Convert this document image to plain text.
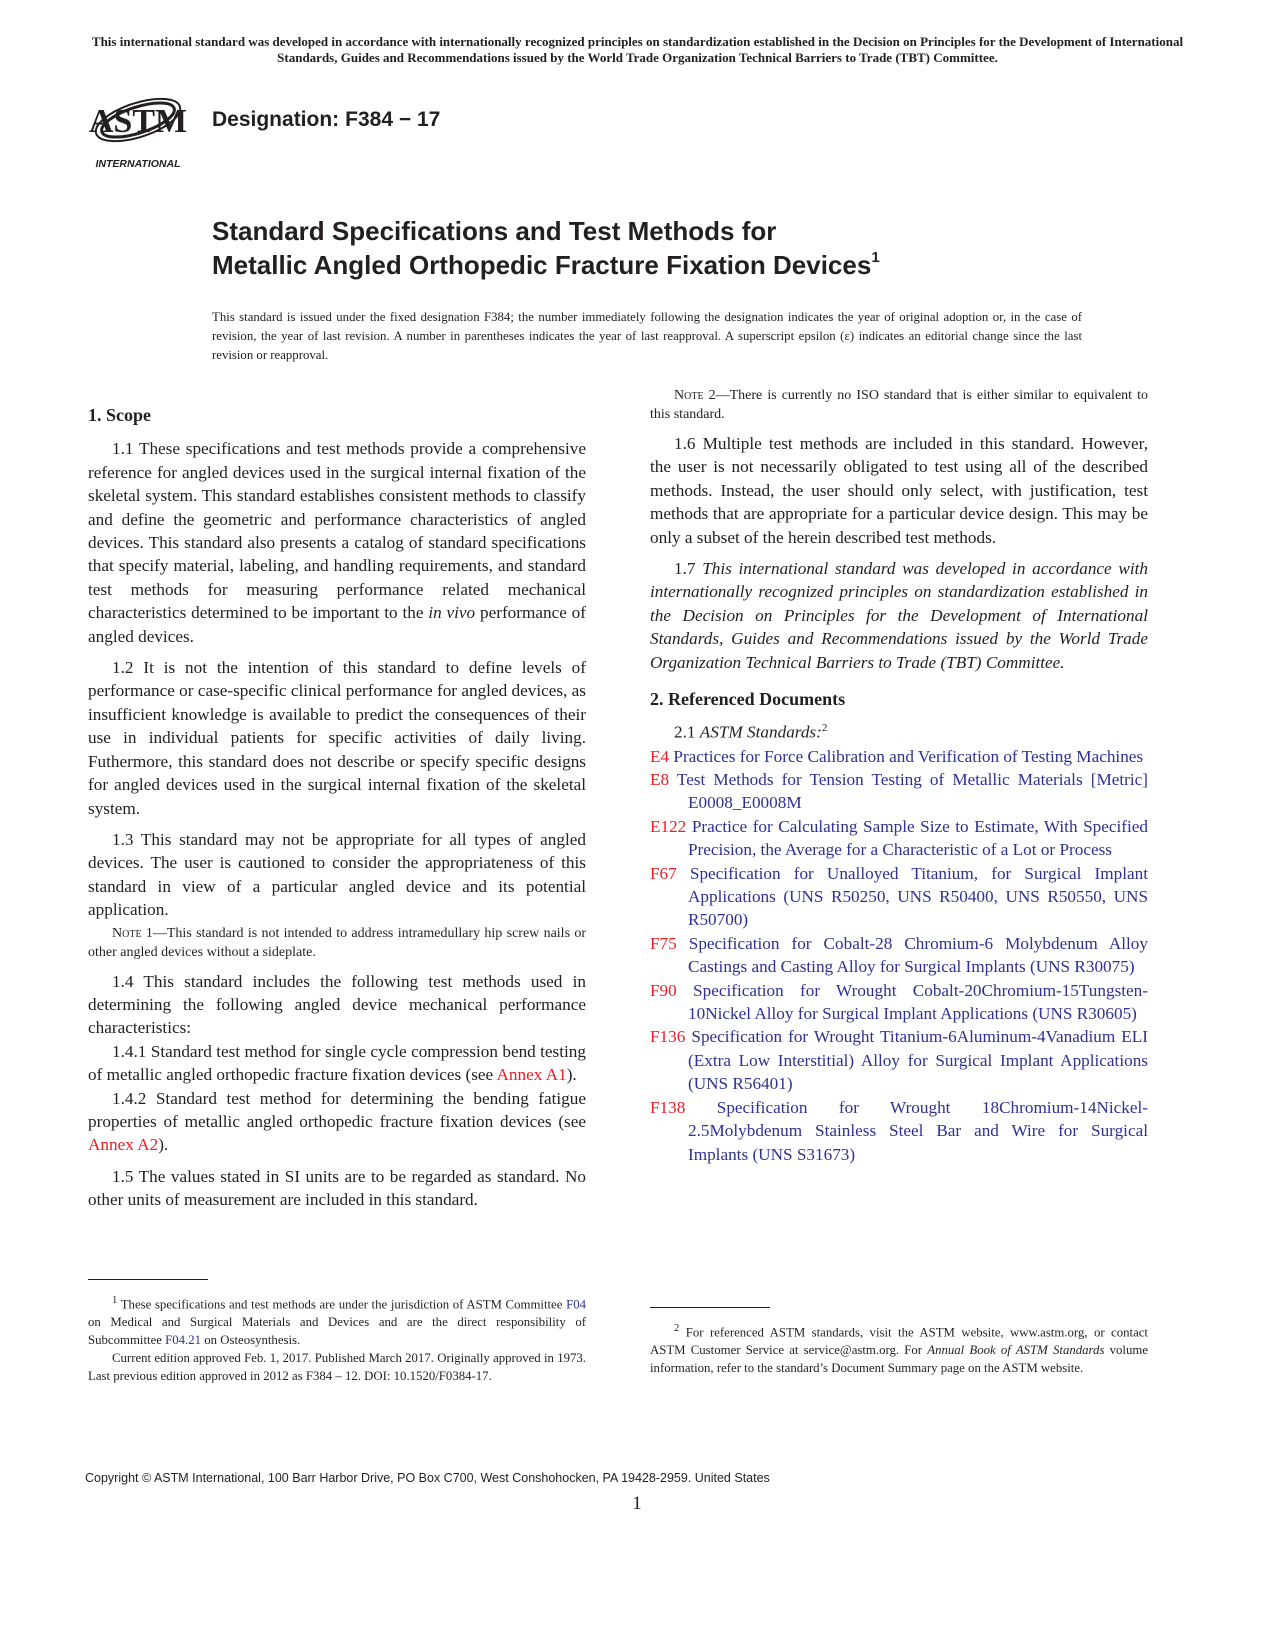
This international standard was developed in accordance with internationally recognized principles on standardization established in the Decision on Principles for the Development of International Standards, Guides and Recommendations issued by the World Trade Organization Technical Barriers to Trade (TBT) Committee.
ASTM
INTERNATIONAL
Designation: F384 − 17
Standard Specifications and Test Methods for
Metallic Angled Orthopedic Fracture Fixation Devices$^1$
This standard is issued under the fixed designation F384; the number immediately following the designation indicates the year of original adoption or, in the case of revision, the year of last revision. A number in parentheses indicates the year of last reapproval. A superscript epsilon (ε) indicates an editorial change since the last revision or reapproval.
1. Scope

1.1 These specifications and test methods provide a comprehensive reference for angled devices used in the surgical internal fixation of the skeletal system. This standard establishes consistent methods to classify and define the geometric and performance characteristics of angled devices. This standard also presents a catalog of standard specifications that specify material, labeling, and handling requirements, and standard test methods for measuring performance related mechanical characteristics determined to be important to the in vivo performance of angled devices.

1.2 It is not the intention of this standard to define levels of performance or case-specific clinical performance for angled devices, as insufficient knowledge is available to predict the consequences of their use in individual patients for specific activities of daily living. Futhermore, this standard does not describe or specify specific designs for angled devices used in the surgical internal fixation of the skeletal system.

1.3 This standard may not be appropriate for all types of angled devices. The user is cautioned to consider the appropriateness of this standard in view of a particular angled device and its potential application.

Note 1—This standard is not intended to address intramedullary hip screw nails or other angled devices without a sideplate.

1.4 This standard includes the following test methods used in determining the following angled device mechanical performance characteristics:

1.4.1 Standard test method for single cycle compression bend testing of metallic angled orthopedic fracture fixation devices (see Annex A1).

1.4.2 Standard test method for determining the bending fatigue properties of metallic angled orthopedic fracture fixation devices (see Annex A2).

1.5 The values stated in SI units are to be regarded as standard. No other units of measurement are included in this standard.

Note 2—There is currently no ISO standard that is either similar to equivalent to this standard.

1.6 Multiple test methods are included in this standard. However, the user is not necessarily obligated to test using all of the described methods. Instead, the user should only select, with justification, test methods that are appropriate for a particular device design. This may be only a subset of the herein described test methods.

1.7 This international standard was developed in accordance with internationally recognized principles on standardization established in the Decision on Principles for the Development of International Standards, Guides and Recommendations issued by the World Trade Organization Technical Barriers to Trade (TBT) Committee.

2. Referenced Documents

2.1 ASTM Standards:$^2$

E4 Practices for Force Calibration and Verification of Testing Machines

E8 Test Methods for Tension Testing of Metallic Materials [Metric] E0008_E0008M

E122 Practice for Calculating Sample Size to Estimate, With Specified Precision, the Average for a Characteristic of a Lot or Process

F67 Specification for Unalloyed Titanium, for Surgical Implant Applications (UNS R50250, UNS R50400, UNS R50550, UNS R50700)

F75 Specification for Cobalt-28 Chromium-6 Molybdenum Alloy Castings and Casting Alloy for Surgical Implants (UNS R30075)

F90 Specification for Wrought Cobalt-20Chromium-15Tungsten-10Nickel Alloy for Surgical Implant Applications (UNS R30605)

F136 Specification for Wrought Titanium-6Aluminum-4Vanadium ELI (Extra Low Interstitial) Alloy for Surgical Implant Applications (UNS R56401)

F138 Specification for Wrought 18Chromium-14Nickel-2.5Molybdenum Stainless Steel Bar and Wire for Surgical Implants (UNS S31673)

$^1$ These specifications and test methods are under the jurisdiction of ASTM Committee F04 on Medical and Surgical Materials and Devices and are the direct responsibility of Subcommittee F04.21 on Osteosynthesis.

Current edition approved Feb. 1, 2017. Published March 2017. Originally approved in 1973. Last previous edition approved in 2012 as F384 – 12. DOI: 10.1520/F0384-17.

$^2$ For referenced ASTM standards, visit the ASTM website, www.astm.org, or contact ASTM Customer Service at service@astm.org. For Annual Book of ASTM Standards volume information, refer to the standard’s Document Summary page on the ASTM website.

Copyright © ASTM International, 100 Barr Harbor Drive, PO Box C700, West Conshohocken, PA 19428-2959. United States
1
